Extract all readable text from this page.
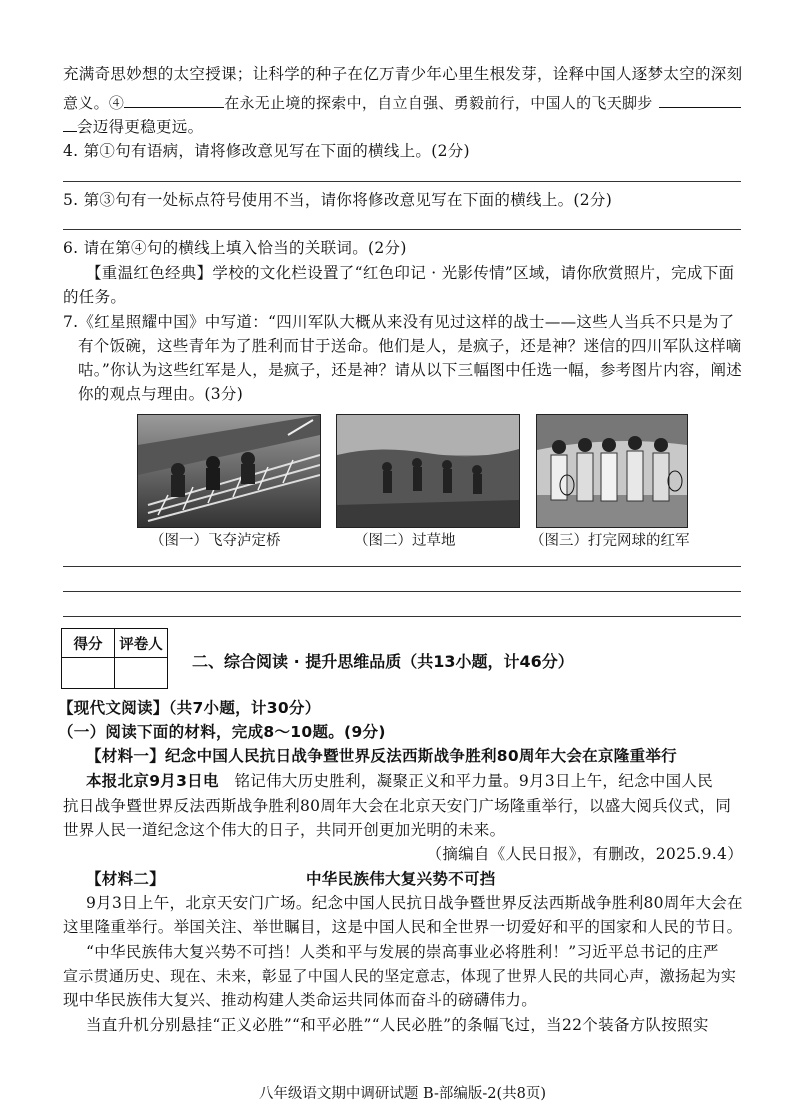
充满奇思妙想的太空授课；让科学的种子在亿万青少年心里生根发芽，诠释中国人逐梦太空的深刻
意义。④	在永无止境的探索中，自立自强、勇毅前行，中国人的飞天脚步
会迈得更稳更远。
4. 第①句有语病，请将修改意见写在下面的横线上。(2分)
5. 第③句有一处标点符号使用不当，请你将修改意见写在下面的横线上。(2分)
6. 请在第④句的横线上填入恰当的关联词。(2分)
【重温红色经典】学校的文化栏设置了“红色印记 · 光影传情”区域，请你欣赏照片，完成下面
的任务。
7.《红星照耀中国》中写道：“四川军队大概从来没有见过这样的战士——这些人当兵不只是为了
有个饭碗，这些青年为了胜利而甘于送命。他们是人，是疯子，还是神？迷信的四川军队这样嘀
咕。”你认为这些红军是人，是疯子，还是神？请从以下三幅图中任选一幅，参考图片内容，阐述
你的观点与理由。(3分)
（图一）飞夺泸定桥	（图二）过草地	（图三）打完网球的红军
得分	评卷人

二、综合阅读 · 提升思维品质（共13小题，计46分）
【现代文阅读】（共7小题，计30分）
（一）阅读下面的材料，完成8～10题。(9分)
【材料一】纪念中国人民抗日战争暨世界反法西斯战争胜利80周年大会在京隆重举行
本报北京9月3日电 铭记伟大历史胜利，凝聚正义和平力量。9月3日上午，纪念中国人民
抗日战争暨世界反法西斯战争胜利80周年大会在北京天安门广场隆重举行，以盛大阅兵仪式，同
世界人民一道纪念这个伟大的日子，共同开创更加光明的未来。
（摘编自《人民日报》，有删改，2025.9.4）
【材料二】	中华民族伟大复兴势不可挡
9月3日上午，北京天安门广场。纪念中国人民抗日战争暨世界反法西斯战争胜利80周年大会在
这里隆重举行。举国关注、举世瞩目，这是中国人民和全世界一切爱好和平的国家和人民的节日。
“中华民族伟大复兴势不可挡！人类和平与发展的崇高事业必将胜利！”习近平总书记的庄严
宣示贯通历史、现在、未来，彰显了中国人民的坚定意志，体现了世界人民的共同心声，激扬起为实
现中华民族伟大复兴、推动构建人类命运共同体而奋斗的磅礴伟力。
当直升机分别悬挂“正义必胜”“和平必胜”“人民必胜”的条幅飞过，当22个装备方队按照实
八年级语文期中调研试题 B-部编版-2(共8页)
